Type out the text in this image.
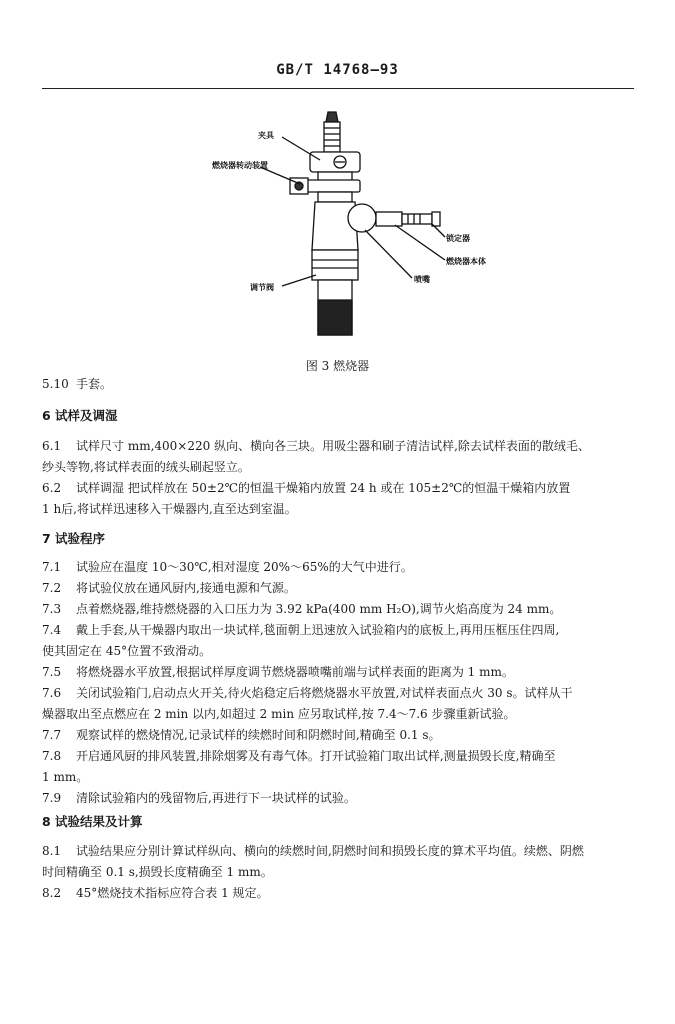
GB/T 14768—93
夹具
燃烧器转动装置
锁定器
燃烧器本体
喷嘴
调节阀
图 3 燃烧器
5.10 手套。
6 试样及调湿
6.1 试样尺寸 mm,400×220 纵向、横向各三块。用吸尘器和刷子清洁试样,除去试样表面的散绒毛、
纱头等物,将试样表面的绒头刷起竖立。
6.2 试样调湿 把试样放在 50±2℃的恒温干燥箱内放置 24 h 或在 105±2℃的恒温干燥箱内放置
1 h后,将试样迅速移入干燥器内,直至达到室温。
7 试验程序
7.1 试验应在温度 10～30℃,相对湿度 20%～65%的大气中进行。
7.2 将试验仪放在通风厨内,接通电源和气源。
7.3 点着燃烧器,维持燃烧器的入口压力为 3.92 kPa(400 mm H₂O),调节火焰高度为 24 mm。
7.4 戴上手套,从干燥器内取出一块试样,毯面朝上迅速放入试验箱内的底板上,再用压框压住四周,
使其固定在 45°位置不致滑动。
7.5 将燃烧器水平放置,根据试样厚度调节燃烧器喷嘴前端与试样表面的距离为 1 mm。
7.6 关闭试验箱门,启动点火开关,待火焰稳定后将燃烧器水平放置,对试样表面点火 30 s。试样从干
燥器取出至点燃应在 2 min 以内,如超过 2 min 应另取试样,按 7.4～7.6 步骤重新试验。
7.7 观察试样的燃烧情况,记录试样的续燃时间和阴燃时间,精确至 0.1 s。
7.8 开启通风厨的排风装置,排除烟雾及有毒气体。打开试验箱门取出试样,测量损毁长度,精确至
1 mm。
7.9 清除试验箱内的残留物后,再进行下一块试样的试验。
8 试验结果及计算
8.1 试验结果应分别计算试样纵向、横向的续燃时间,阴燃时间和损毁长度的算术平均值。续燃、阴燃
时间精确至 0.1 s,损毁长度精确至 1 mm。
8.2 45°燃烧技术指标应符合表 1 规定。
